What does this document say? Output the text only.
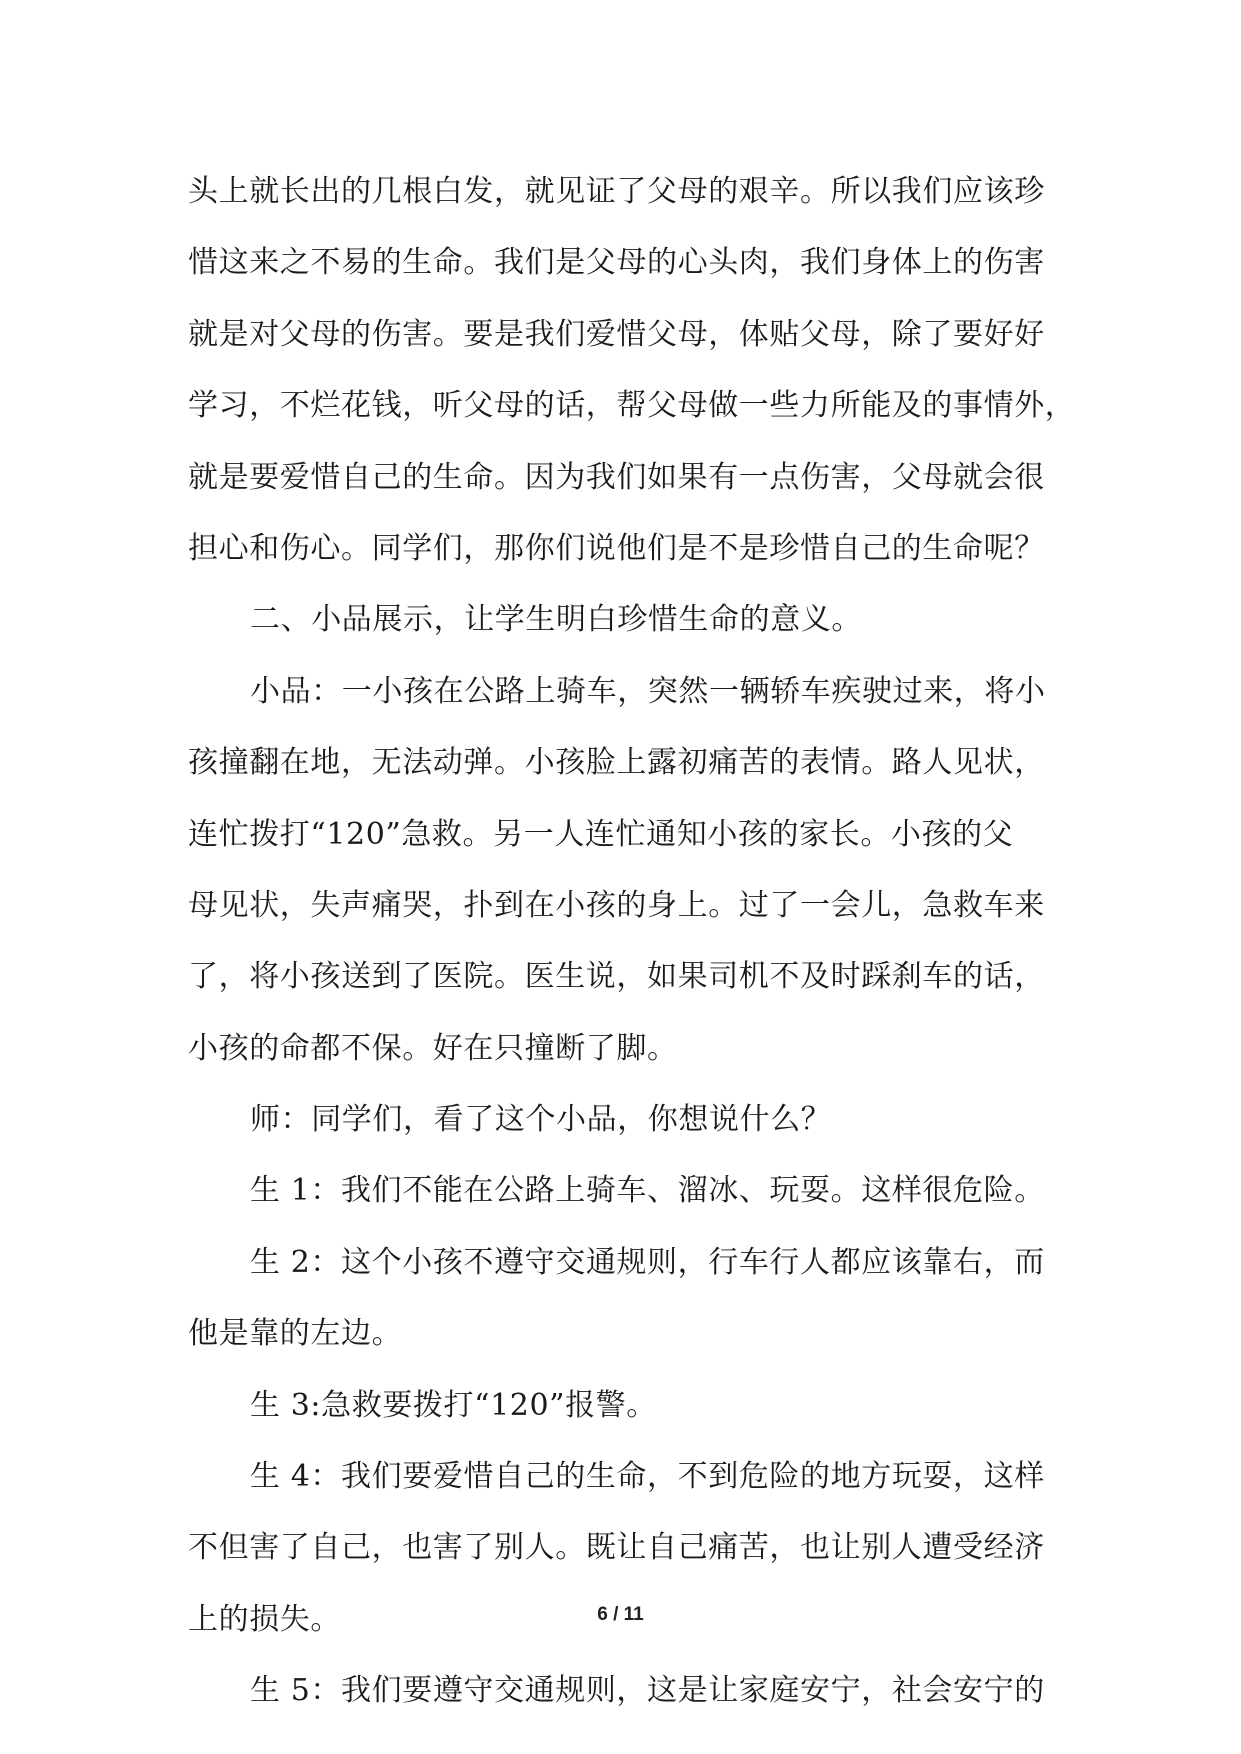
头上就长出的几根白发，就见证了父母的艰辛。所以我们应该珍
惜这来之不易的生命。我们是父母的心头肉，我们身体上的伤害
就是对父母的伤害。要是我们爱惜父母，体贴父母，除了要好好
学习，不烂花钱，听父母的话，帮父母做一些力所能及的事情外，
就是要爱惜自己的生命。因为我们如果有一点伤害，父母就会很
担心和伤心。同学们，那你们说他们是不是珍惜自己的生命呢？
二、小品展示，让学生明白珍惜生命的意义。
小品：一小孩在公路上骑车，突然一辆轿车疾驶过来，将小
孩撞翻在地，无法动弹。小孩脸上露初痛苦的表情。路人见状，
连忙拨打“120”急救。另一人连忙通知小孩的家长。小孩的父
母见状，失声痛哭，扑到在小孩的身上。过了一会儿，急救车来
了，将小孩送到了医院。医生说，如果司机不及时踩刹车的话，
小孩的命都不保。好在只撞断了脚。
师：同学们，看了这个小品，你想说什么？
生 1：我们不能在公路上骑车、溜冰、玩耍。这样很危险。
生 2：这个小孩不遵守交通规则，行车行人都应该靠右，而
他是靠的左边。
生 3:急救要拨打“120”报警。
生 4：我们要爱惜自己的生命，不到危险的地方玩耍，这样
不但害了自己，也害了别人。既让自己痛苦，也让别人遭受经济
上的损失。
生 5：我们要遵守交通规则，这是让家庭安宁，社会安宁的
6 / 11
